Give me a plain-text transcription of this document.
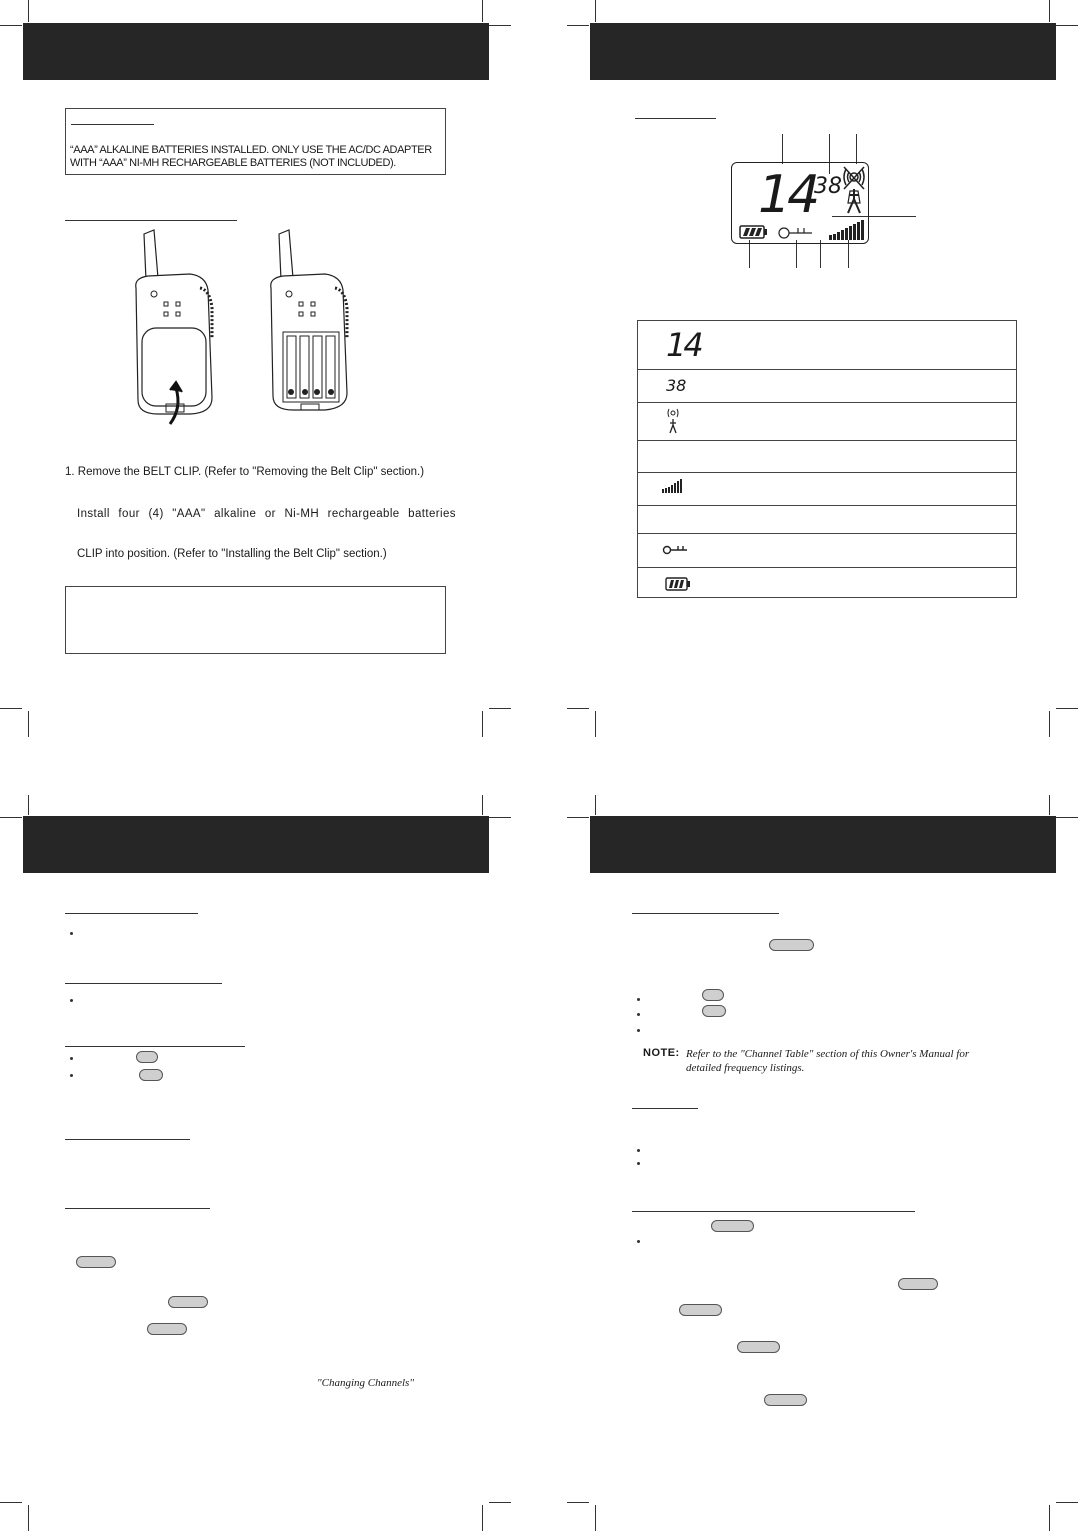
“AAA” ALKALINE BATTERIES INSTALLED. ONLY USE THE AC/DC ADAPTER
WITH “AAA” NI-MH RECHARGEABLE BATTERIES (NOT INCLUDED).
1. Remove the BELT CLIP. (Refer to "Removing the Belt Clip" section.)
Install four (4) "AAA" alkaline or Ni-MH rechargeable batteries
CLIP into position. (Refer to "Installing the Belt Clip" section.)
14
38
14
38
"Changing Channels"
NOTE: Refer to the "Channel Table" section of this Owner's Manual for
detailed frequency listings.
